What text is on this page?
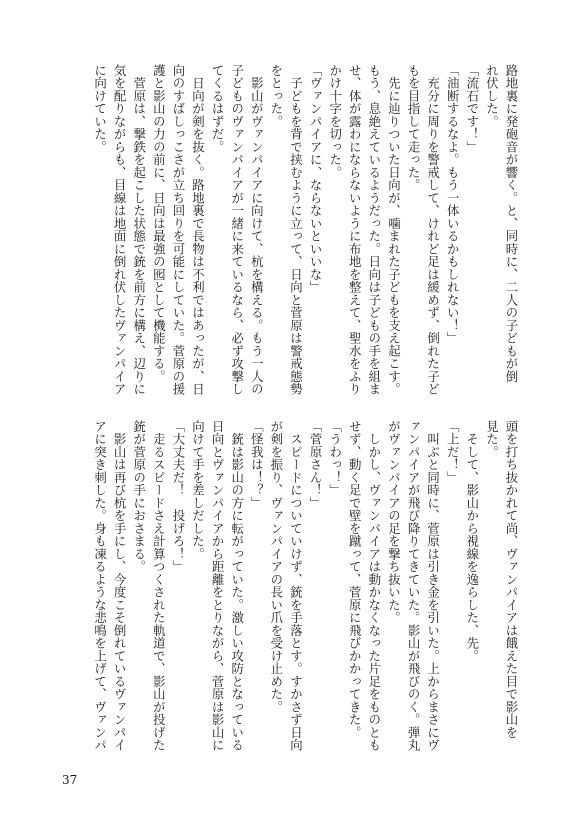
路地裏に発砲音が響く。と、同時に、二人の子どもが倒
れ伏した。
「流石です！」
「油断するなよ。もう一体いるかもしれない！」
　充分に周りを警戒して、けれど足は緩めず、倒れた子ど
もを目指して走った。
　先に辿りついた日向が、噛まれた子どもを支え起こす。
もう、息絶えているようだった。日向は子どもの手を組ま
せ、体が露わにならないように布地を整えて、聖水をふり
かけ十字を切った。
「ヴァンパイアに、ならないといいな」
　子どもを背で挟むように立って、日向と菅原は警戒態勢
をとった。
　影山がヴァンパイアに向けて、杭を構える。もう一人の
子どものヴァンパイアが一緒に来ているなら、必ず攻撃し
てくるはずだ。
　日向が剣を抜く。路地裏で長物は不利ではあったが、日
向のすばしっこさが立ち回りを可能にしていた。菅原の援
護と影山の力の前に、日向は最強の囮として機能する。
　菅原は、撃鉄を起こした状態で銃を前方に構え、辺りに
気を配りながらも、目線は地面に倒れ伏したヴァンパイア
に向けていた。
頭を打ち抜かれて尚、ヴァンパイアは餓えた目で影山を
見た。
　そして、影山から視線を逸らした、先。
「上だ！」
　叫ぶと同時に、菅原は引き金を引いた。上からまさにヴ
ァンパイアが飛び降りてきていた。影山が飛びのく。弾丸
がヴァンパイアの足を撃ち抜いた。
　しかし、ヴァンパイアは動かなくなった片足をものとも
せず、動く足で壁を蹴って、菅原に飛びかかってきた。
「うわっ！」
「菅原さん！」
　スピードについていけず、銃を手落とす。すかさず日向
が剣を振り、ヴァンパイアの長い爪を受け止めた。
「怪我は！？」
　銃は影山の方に転がっていた。激しい攻防となっている
日向とヴァンパイアから距離をとりながら、菅原は影山に
向けて手を差しだした。
「大丈夫だ！　投げろ！」
　走るスピードさえ計算つくされた軌道で、影山が投げた
銃が菅原の手におさまる。
　影山は再び杭を手にし、今度こそ倒れているヴァンパイ
アに突き刺した。身も凍るような悲鳴を上げて、ヴァンパ
37
